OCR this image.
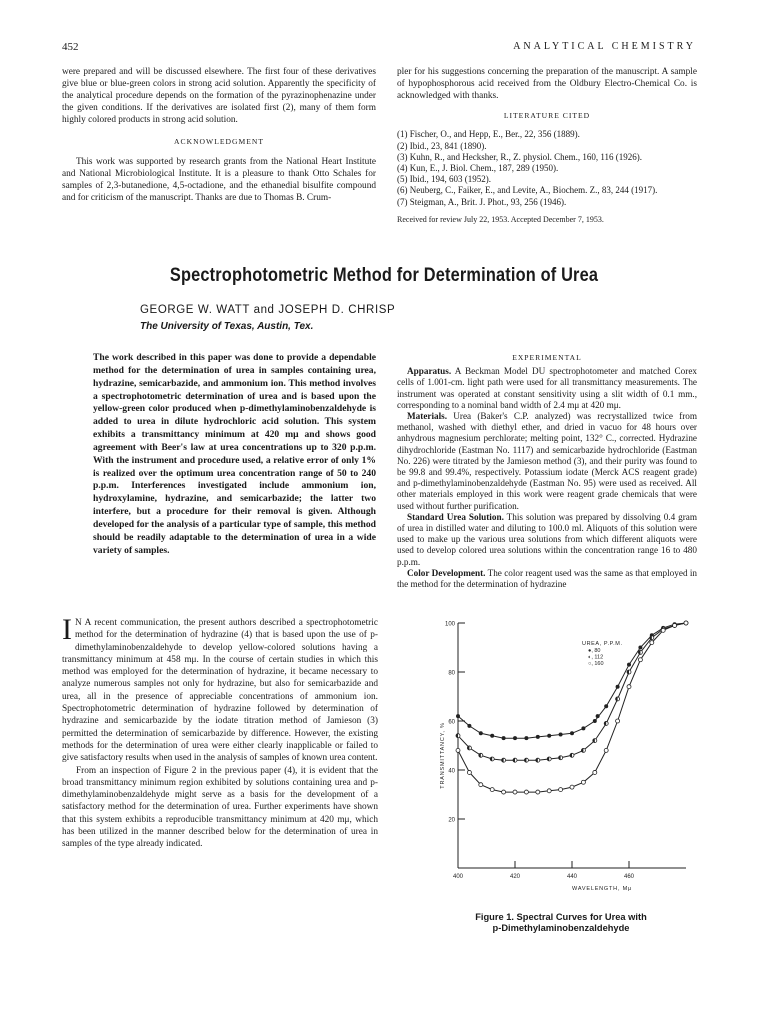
452	ANALYTICAL CHEMISTRY

were prepared and will be discussed elsewhere. The first four of these derivatives give blue or blue-green colors in strong acid solution. Apparently the specificity of the analytical procedure depends on the formation of the pyrazinophenazine under the given conditions. If the derivatives are isolated first (2), many of them form highly colored products in strong acid solution.

ACKNOWLEDGMENT

This work was supported by research grants from the National Heart Institute and National Microbiological Institute. It is a pleasure to thank Otto Schales for samples of 2,3-butanedione, 4,5-octadione, and the ethanedial bisulfite compound and for criticism of the manuscript. Thanks are due to Thomas B. Crum-

pler for his suggestions concerning the preparation of the manuscript. A sample of hypophosphorous acid received from the Oldbury Electro-Chemical Co. is acknowledged with thanks.

LITERATURE CITED
(1) Fischer, O., and Hepp, E., Ber., 22, 356 (1889).
(2) Ibid., 23, 841 (1890).
(3) Kuhn, R., and Hecksher, R., Z. physiol. Chem., 160, 116 (1926).
(4) Kun, E., J. Biol. Chem., 187, 289 (1950).
(5) Ibid., 194, 603 (1952).
(6) Neuberg, C., Faiker, E., and Levite, A., Biochem. Z., 83, 244 (1917).
(7) Steigman, A., Brit. J. Phot., 93, 256 (1946).
Received for review July 22, 1953. Accepted December 7, 1953.
Spectrophotometric Method for Determination of Urea
GEORGE W. WATT and JOSEPH D. CHRISP
The University of Texas, Austin, Tex.
The work described in this paper was done to provide a dependable method for the determination of urea in samples containing urea, hydrazine, semicarbazide, and ammonium ion. This method involves a spectrophotometric determination of urea and is based upon the yellow-green color produced when p-dimethylaminobenzaldehyde is added to urea in dilute hydrochloric acid solution. This system exhibits a transmittancy minimum at 420 mμ and shows good agreement with Beer's law at urea concentrations up to 320 p.p.m. With the instrument and procedure used, a relative error of only 1% is realized over the optimum urea concentration range of 50 to 240 p.p.m. Interferences investigated include ammonium ion, hydroxylamine, hydrazine, and semicarbazide; the latter two interfere, but a procedure for their removal is given. Although developed for the analysis of a particular type of sample, this method should be readily adaptable to the determination of urea in a wide variety of samples.

I N A recent communication, the present authors described a spectrophotometric method for the determination of hydrazine (4) that is based upon the use of p-dimethylaminobenzaldehyde to develop yellow-colored solutions having a transmittancy minimum at 458 mμ. In the course of certain studies in which this method was employed for the determination of hydrazine, it became necessary to analyze numerous samples not only for hydrazine, but also for semicarbazide and urea, all in the presence of appreciable concentrations of ammonium ion. Spectrophotometric determination of hydrazine followed by determination of hydrazine and semicarbazide by the iodate titration method of Jamieson (3) permitted the determination of semicarbazide by difference. However, the existing methods for the determination of urea were either clearly inapplicable or failed to give satisfactory results when used in the analysis of samples of known urea content.

From an inspection of Figure 2 in the previous paper (4), it is evident that the broad transmittancy minimum region exhibited by solutions containing urea and p-dimethylaminobenzaldehyde might serve as a basis for the development of a satisfactory method for the determination of urea. Further experiments have shown that this system exhibits a reproducible transmittancy minimum at 420 mμ, which has been utilized in the manner described below for the determination of urea in samples of the type already indicated.

EXPERIMENTAL

Apparatus. A Beckman Model DU spectrophotometer and matched Corex cells of 1.001-cm. light path were used for all transmittancy measurements. The instrument was operated at constant sensitivity using a slit width of 0.1 mm., corresponding to a nominal band width of 2.4 mμ at 420 mμ.

Materials. Urea (Baker's C.P. analyzed) was recrystallized twice from methanol, washed with diethyl ether, and dried in vacuo for 48 hours over anhydrous magnesium perchlorate; melting point, 132° C., corrected. Hydrazine dihydrochloride (Eastman No. 1117) and semicarbazide hydrochloride (Eastman No. 226) were titrated by the Jamieson method (3), and their purity was found to be 99.8 and 99.4%, respectively. Potassium iodate (Merck ACS reagent grade) and p-dimethylaminobenzaldehyde (Eastman No. 95) were used as received. All other materials employed in this work were reagent grade chemicals that were used without further purification.

Standard Urea Solution. This solution was prepared by dissolving 0.4 gram of urea in distilled water and diluting to 100.0 ml. Aliquots of this solution were used to make up the various urea solutions from which different aliquots were used to develop colored urea solutions within the concentration range 16 to 480 p.p.m.

Color Development. The color reagent used was the same as that employed in the method for the determination of hydrazine

100
80
60
40
20
400	420	440	460
WAVELENGTH, Mμ
TRANSMITTANCY, %
UREA, P.P.M.
●, 80
◐, 112
○, 160
Figure 1. Spectral Curves for Urea with
p-Dimethylaminobenzaldehyde
